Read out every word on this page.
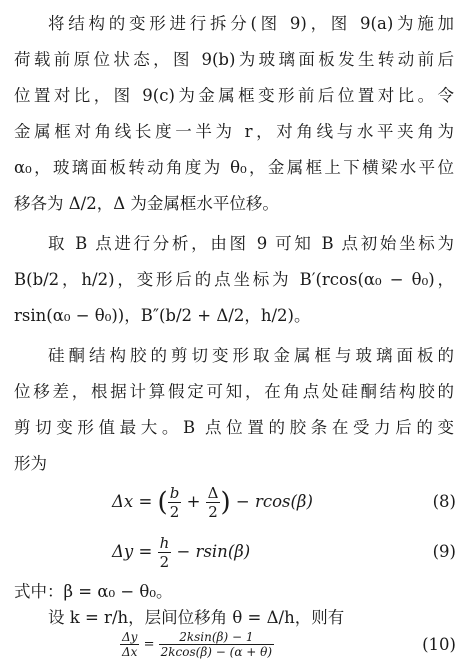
将结构的变形进行拆分(图 9)，图 9(a)为施加
荷载前原位状态，图 9(b)为玻璃面板发生转动前后
位置对比，图 9(c)为金属框变形前后位置对比。令
金属框对角线长度一半为 r，对角线与水平夹角为
α₀，玻璃面板转动角度为 θ₀，金属框上下横梁水平位
移各为 Δ/2，Δ 为金属框水平位移。
取 B 点进行分析，由图 9 可知 B 点初始坐标为
B(b/2，h/2)，变形后的点坐标为 B′(rcos(α₀ − θ₀)，
rsin(α₀ − θ₀))，B″(b/2 + Δ/2，h/2)。
硅酮结构胶的剪切变形取金属框与玻璃面板的
位移差，根据计算假定可知，在角点处硅酮结构胶的
剪切变形值最大。B 点位置的胶条在受力后的变
形为
Δx = ( $\frac{b}{2} + \frac{\Delta}{2}$ ) − rcos(β)	(8)
$\Delta y = \frac{h}{2} - rsin(\beta)$	(9)
式中：β = α₀ − θ₀。
设 k = r/h，层间位移角 θ = Δ/h，则有
$\frac{\Delta y}{\Delta x} = \frac{2ksin(\beta) - 1}{2kcos(\beta) - (\alpha + \theta)}$	(10)
